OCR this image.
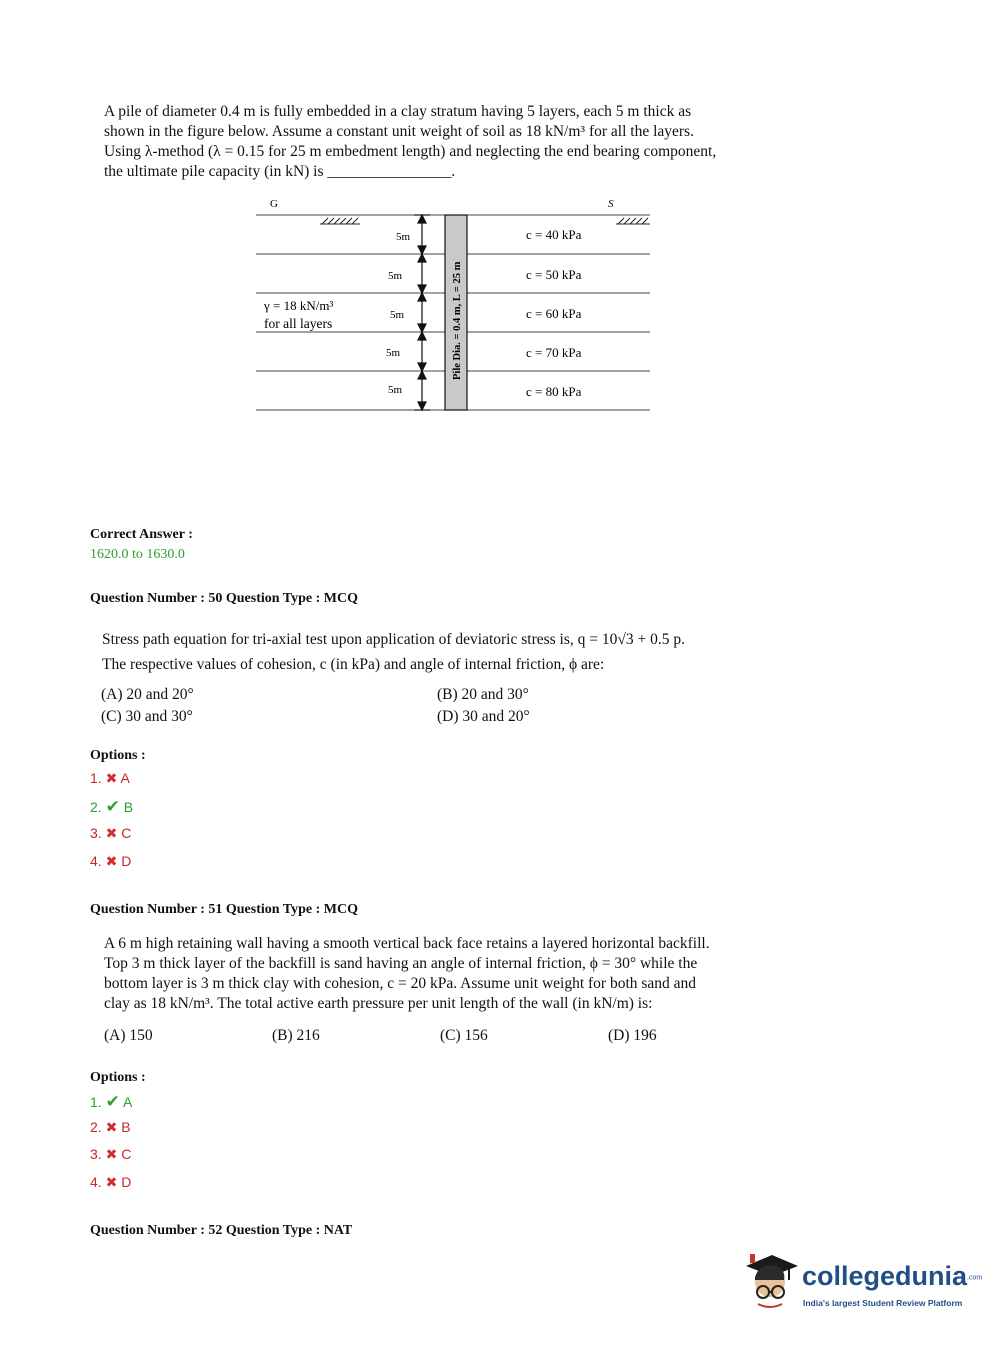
A pile of diameter 0.4 m is fully embedded in a clay stratum having 5 layers, each 5 m thick as
shown in the figure below. Assume a constant unit weight of soil as 18 kN/m³ for all the layers.
Using λ-method (λ = 0.15 for 25 m embedment length) and neglecting the end bearing component,
the ultimate pile capacity (in kN) is ________________.
G	S
5m
5m
5m
5m
5m
Pile Dia. = 0.4 m, L = 25 m
γ = 18 kN/m³
for all layers
c = 40 kPa
c = 50 kPa
c = 60 kPa
c = 70 kPa
c = 80 kPa
Correct Answer :
1620.0 to 1630.0
Question Number : 50 Question Type : MCQ
Stress path equation for tri-axial test upon application of deviatoric stress is, q = 10√3 + 0.5 p.
The respective values of cohesion, c (in kPa) and angle of internal friction, ϕ are:
(A) 20 and 20°	(B) 20 and 30°
(C) 30 and 30°	(D) 30 and 20°
Options :
1. ✖ A
2. ✔ B
3. ✖ C
4. ✖ D
Question Number : 51 Question Type : MCQ
A 6 m high retaining wall having a smooth vertical back face retains a layered horizontal backfill.
Top 3 m thick layer of the backfill is sand having an angle of internal friction, ϕ = 30° while the
bottom layer is 3 m thick clay with cohesion, c = 20 kPa. Assume unit weight for both sand and
clay as 18 kN/m³. The total active earth pressure per unit length of the wall (in kN/m) is:
(A) 150	(B) 216	(C) 156	(D) 196
Options :
1. ✔ A
2. ✖ B
3. ✖ C
4. ✖ D
Question Number : 52 Question Type : NAT
collegedunia.com
India's largest Student Review Platform
